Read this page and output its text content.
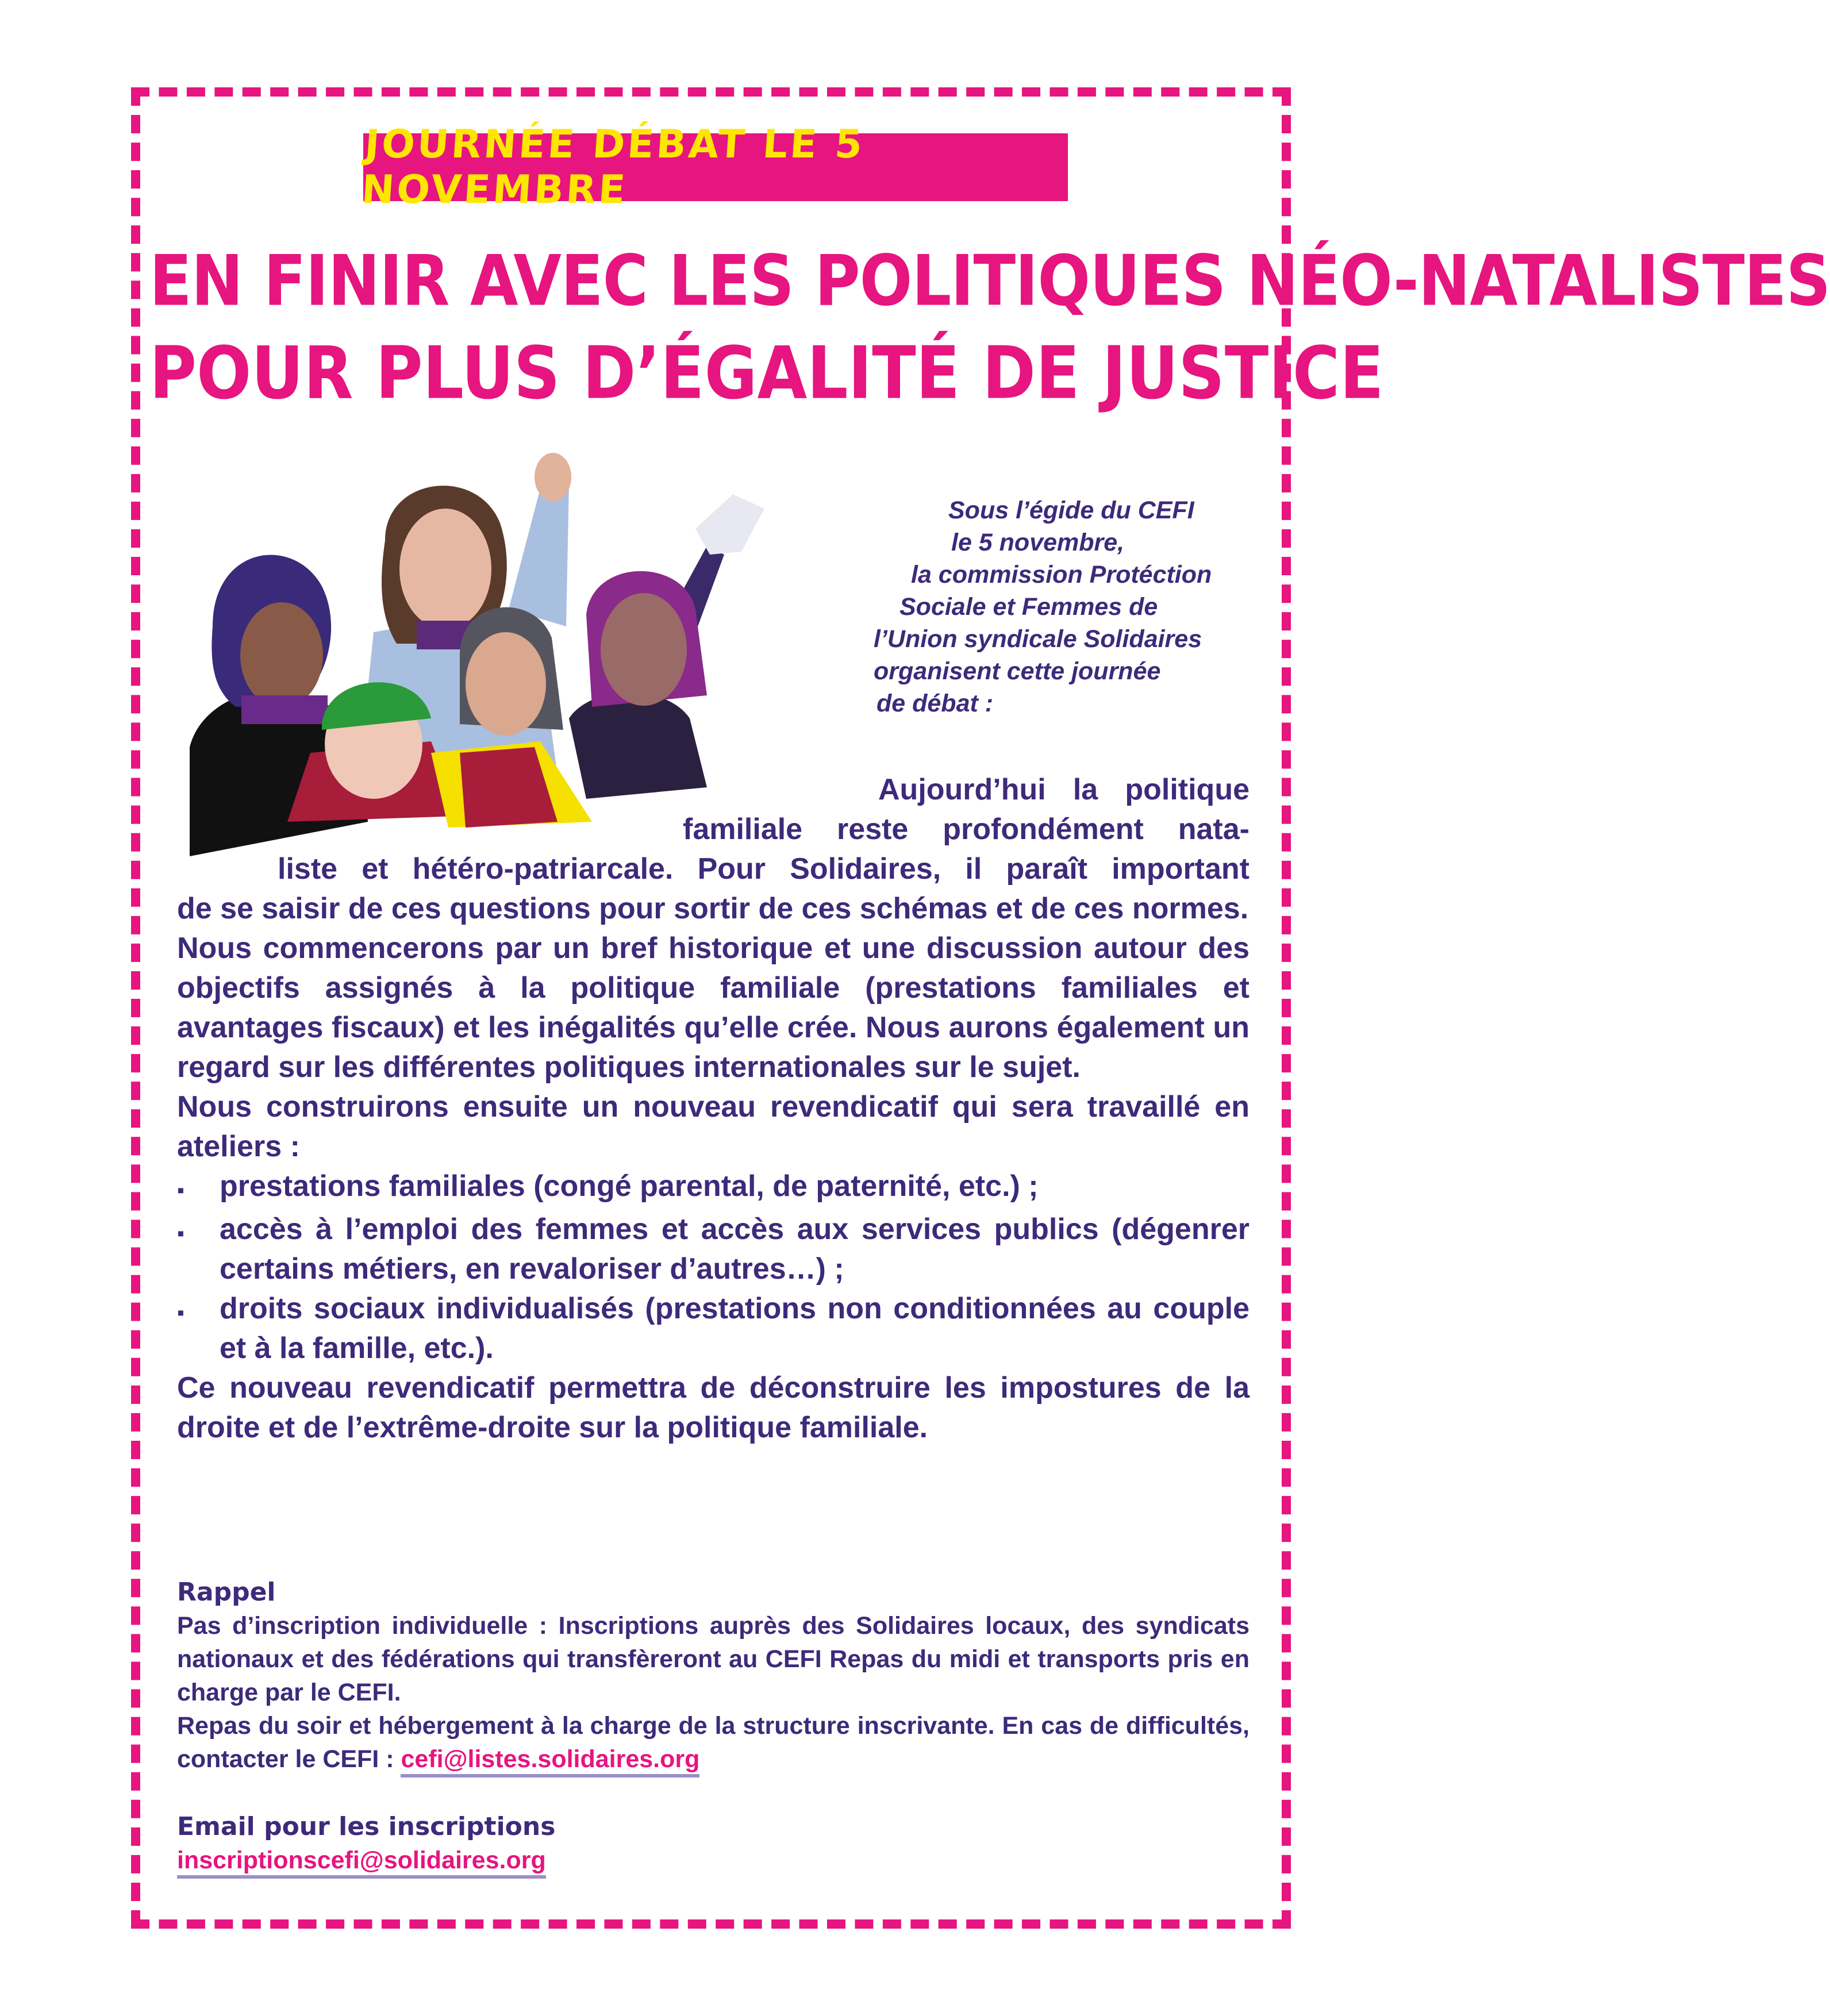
JOURNÉE DÉBAT LE 5 NOVEMBRE
EN FINIR AVEC LES POLITIQUES NÉO-NATALISTES
POUR PLUS D’ÉGALITÉ DE JUSTICE
Sous l’égide du CEFI
le 5 novembre,
la commission Protéction
Sociale et Femmes de
l’Union syndicale Solidaires
organisent cette journée
de débat :
Aujourd’hui la politique
familiale reste profondément nata-
liste et hétéro-patriarcale. Pour Solidaires, il paraît important
de se saisir de ces questions pour sortir de ces schémas et de ces normes.
Nous commencerons par un bref historique et une discussion autour des objectifs assignés à la politique familiale (prestations familiales et avantages fiscaux) et les inégalités qu’elle crée. Nous aurons également un regard sur les différentes politiques internationales sur le sujet.
Nous construirons ensuite un nouveau revendicatif qui sera travaillé en ateliers :
▪	prestations familiales (congé parental, de paternité, etc.) ;
▪	accès à l’emploi des femmes et accès aux services publics (dégenrer certains métiers, en revaloriser d’autres…) ;
▪	droits sociaux individualisés (prestations non conditionnées au couple et à la famille, etc.).
Ce nouveau revendicatif permettra de déconstruire les impostures de la droite et de l’extrême-droite sur la politique familiale.
Rappel
Pas d’inscription individuelle : Inscriptions auprès des Solidaires locaux, des syndicats nationaux et des fédérations qui transfèreront au CEFI Repas du midi et transports pris en charge par le CEFI.
Repas du soir et hébergement à la charge de la structure inscrivante. En cas de difficultés, contacter le CEFI : cefi@listes.solidaires.org
Email pour les inscriptions
inscriptionscefi@solidaires.org
